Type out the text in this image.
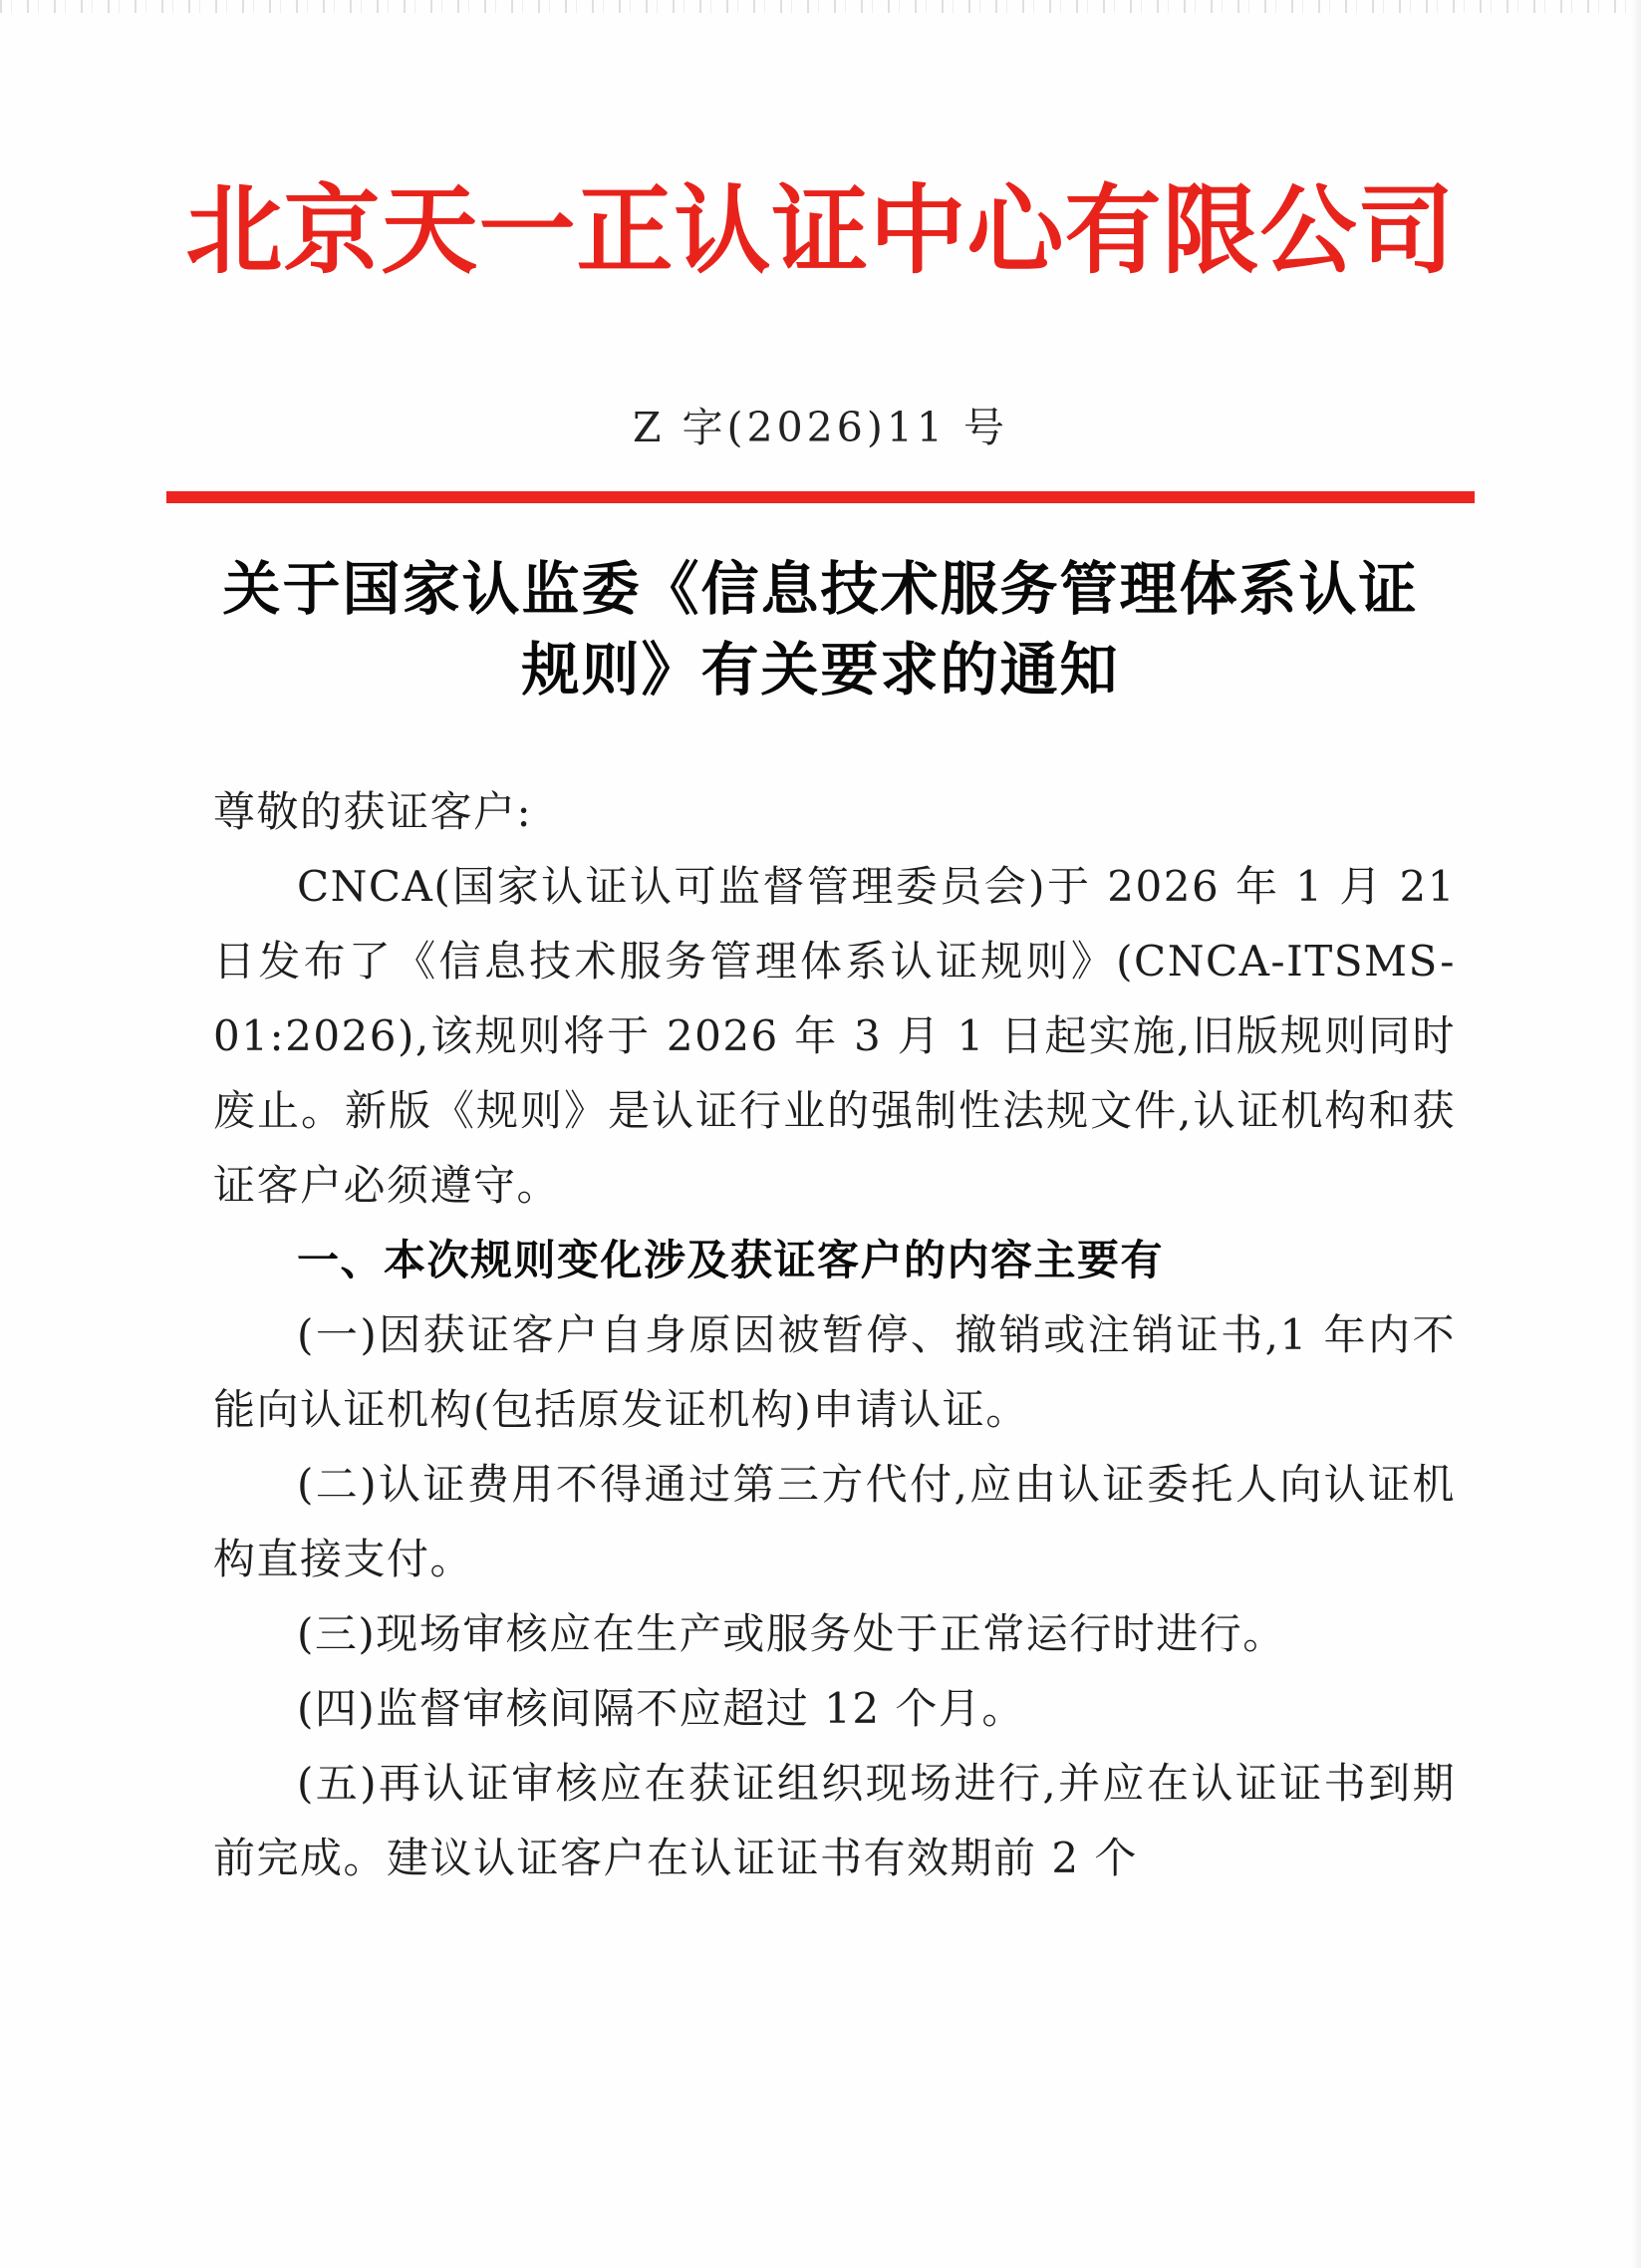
北京天一正认证中心有限公司
Z 字(2026)11 号
关于国家认监委《信息技术服务管理体系认证
规则》有关要求的通知

尊敬的获证客户:

CNCA(国家认证认可监督管理委员会)于 2026 年 1 月 21 日发布了《信息技术服务管理体系认证规则》(CNCA-ITSMS-01:2026),该规则将于 2026 年 3 月 1 日起实施,旧版规则同时废止。新版《规则》是认证行业的强制性法规文件,认证机构和获证客户必须遵守。

一、本次规则变化涉及获证客户的内容主要有

(一)因获证客户自身原因被暂停、撤销或注销证书,1 年内不能向认证机构(包括原发证机构)申请认证。

(二)认证费用不得通过第三方代付,应由认证委托人向认证机构直接支付。

(三)现场审核应在生产或服务处于正常运行时进行。

(四)监督审核间隔不应超过 12 个月。

(五)再认证审核应在获证组织现场进行,并应在认证证书到期前完成。建议认证客户在认证证书有效期前 2 个
